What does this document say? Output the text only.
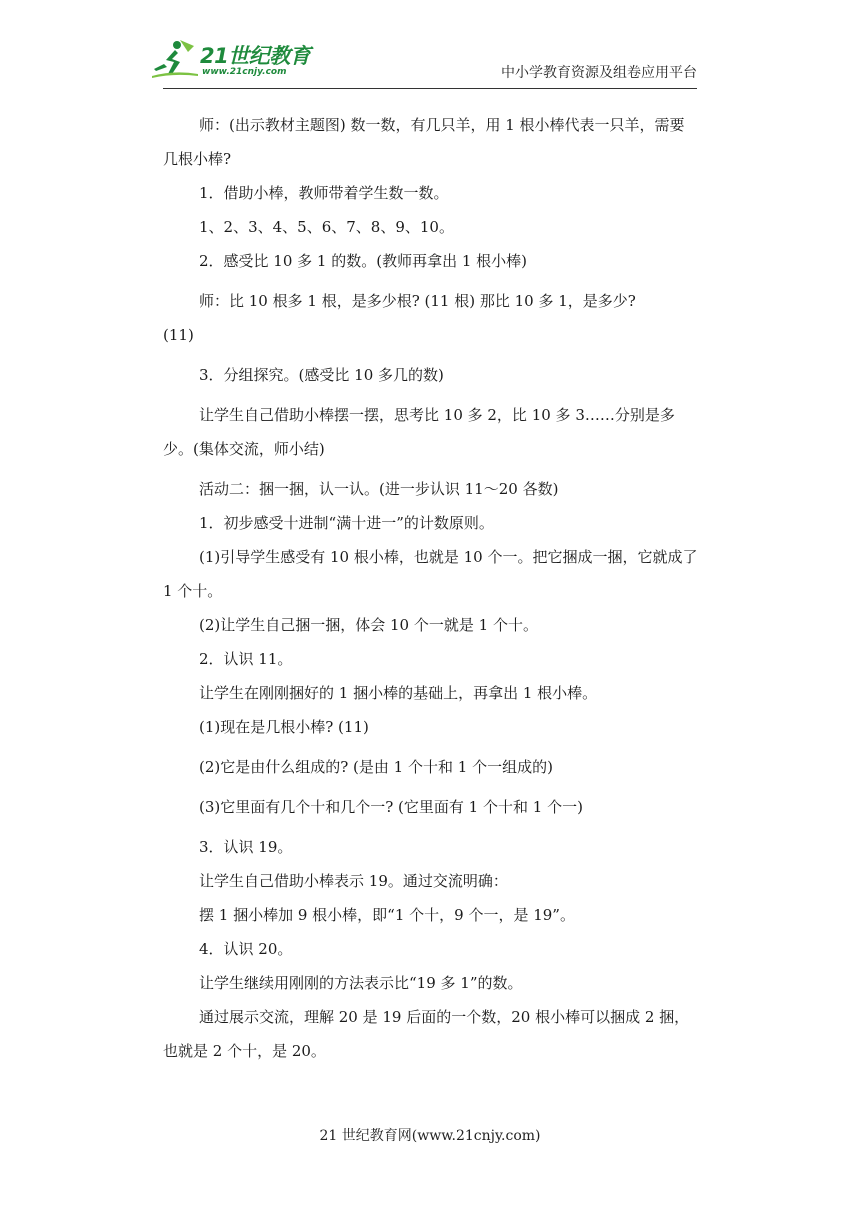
21世纪教育
www.21cnjy.com	中小学教育资源及组卷应用平台

师：(出示教材主题图) 数一数，有几只羊，用 1 根小棒代表一只羊，需要几根小棒?

1．借助小棒，教师带着学生数一数。

1、2、3、4、5、6、7、8、9、10。

2．感受比 10 多 1 的数。(教师再拿出 1 根小棒)

师：比 10 根多 1 根，是多少根? (11 根) 那比 10 多 1，是多少?

(11)

3．分组探究。(感受比 10 多几的数)

让学生自己借助小棒摆一摆，思考比 10 多 2，比 10 多 3……分别是多少。(集体交流，师小结)

活动二：捆一捆，认一认。(进一步认识 11～20 各数)

1．初步感受十进制“满十进一”的计数原则。

(1)引导学生感受有 10 根小棒，也就是 10 个一。把它捆成一捆，它就成了 1 个十。

(2)让学生自己捆一捆，体会 10 个一就是 1 个十。

2．认识 11。

让学生在刚刚捆好的 1 捆小棒的基础上，再拿出 1 根小棒。

(1)现在是几根小棒? (11)

(2)它是由什么组成的? (是由 1 个十和 1 个一组成的)

(3)它里面有几个十和几个一? (它里面有 1 个十和 1 个一)

3．认识 19。

让学生自己借助小棒表示 19。通过交流明确：

摆 1 捆小棒加 9 根小棒，即“1 个十，9 个一，是 19”。

4．认识 20。

让学生继续用刚刚的方法表示比“19 多 1”的数。

通过展示交流，理解 20 是 19 后面的一个数，20 根小棒可以捆成 2 捆，也就是 2 个十，是 20。

21 世纪教育网(www.21cnjy.com)
